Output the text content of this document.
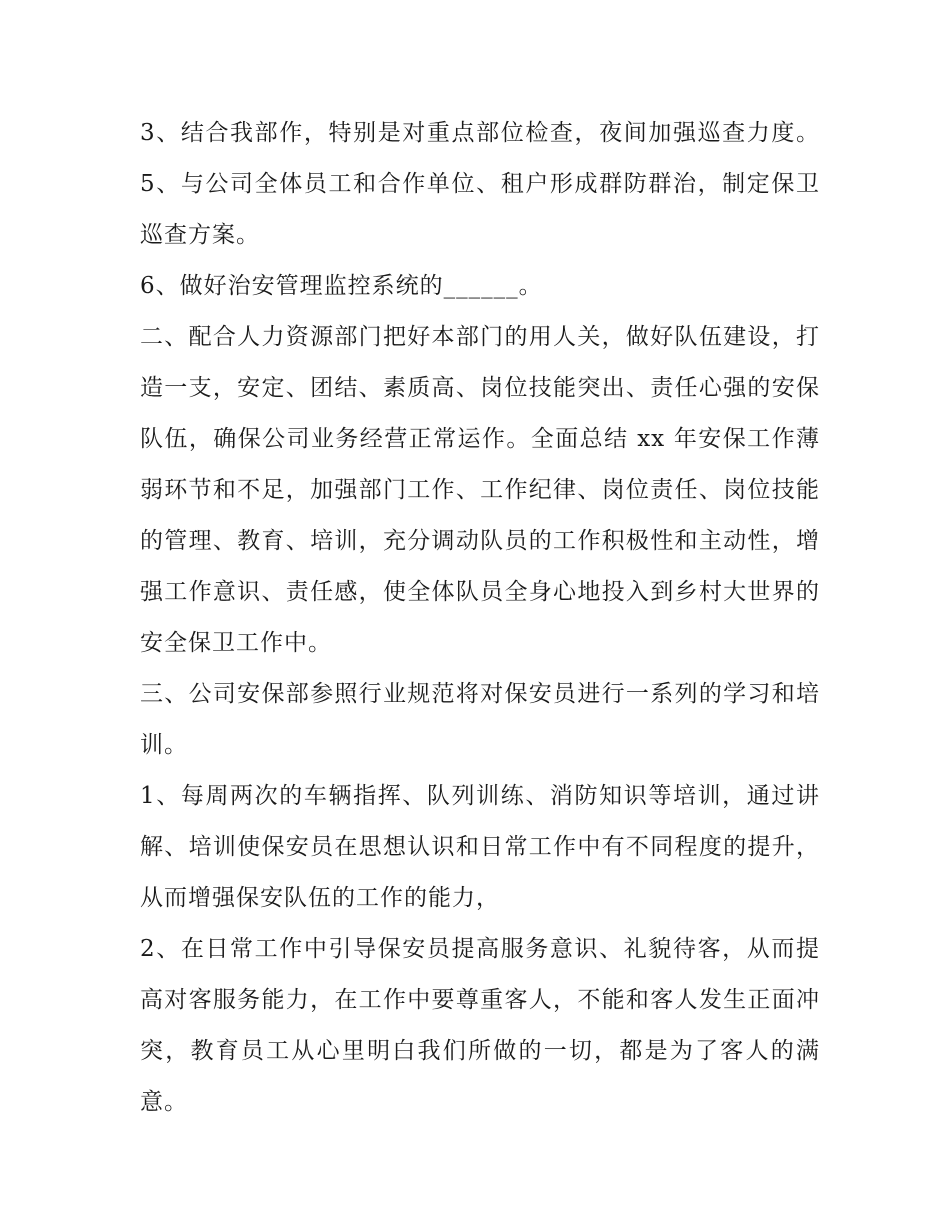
3、结合我部作，特别是对重点部位检查，夜间加强巡查力度。 5、与公司全体员工和合作单位、租户形成群防群治，制定保卫巡查方案。

6、做好治安管理监控系统的______。

二、配合人力资源部门把好本部门的用人关，做好队伍建设，打造一支，安定、团结、素质高、岗位技能突出、责任心强的安保队伍，确保公司业务经营正常运作。全面总结 xx 年安保工作薄弱环节和不足，加强部门工作、工作纪律、岗位责任、岗位技能的管理、教育、培训，充分调动队员的工作积极性和主动性，增强工作意识、责任感，使全体队员全身心地投入到乡村大世界的安全保卫工作中。

三、公司安保部参照行业规范将对保安员进行一系列的学习和培训。

1、每周两次的车辆指挥、队列训练、消防知识等培训，通过讲解、培训使保安员在思想认识和日常工作中有不同程度的提升，从而增强保安队伍的工作的能力，

2、在日常工作中引导保安员提高服务意识、礼貌待客，从而提高对客服务能力，在工作中要尊重客人，不能和客人发生正面冲突，教育员工从心里明白我们所做的一切，都是为了客人的满意。
